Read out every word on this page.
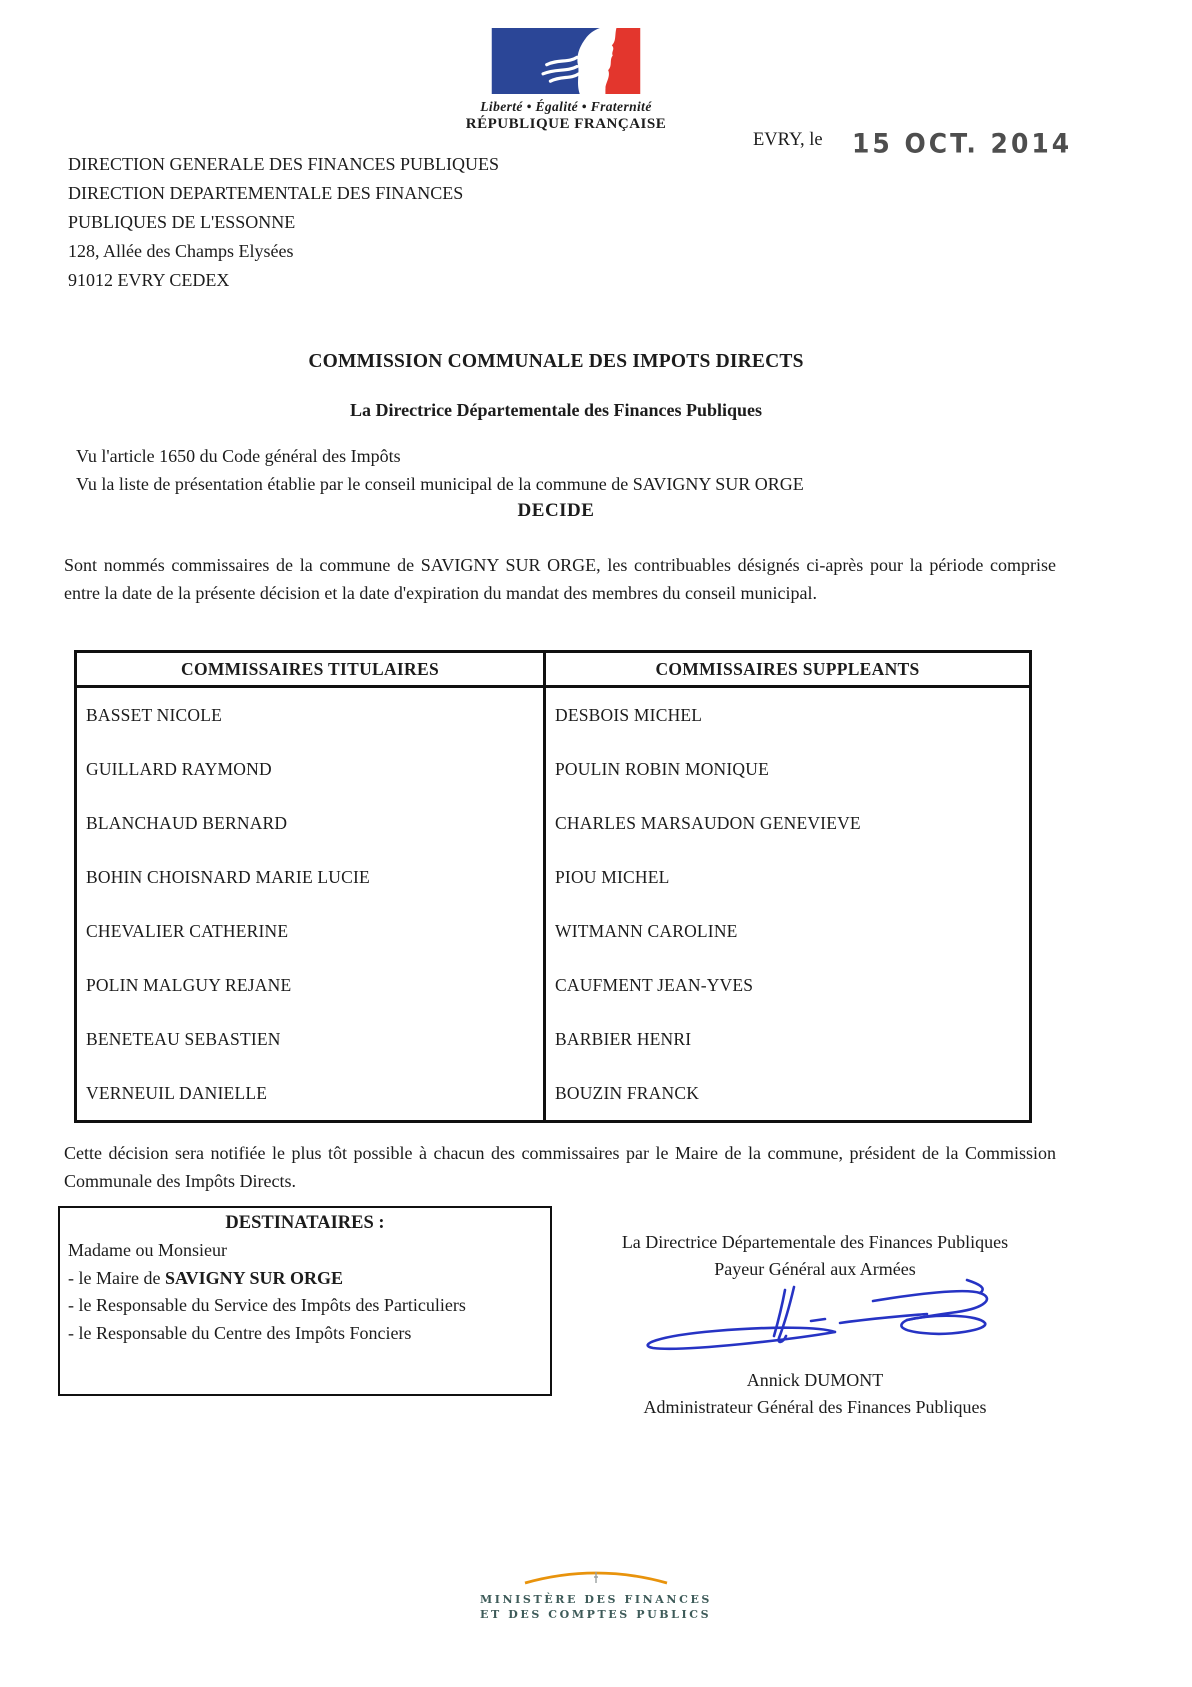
Liberté • Égalité • Fraternité
RÉPUBLIQUE FRANÇAISE
EVRY, le 15 OCT. 2014
DIRECTION GENERALE DES FINANCES PUBLIQUES
DIRECTION DEPARTEMENTALE DES FINANCES
PUBLIQUES DE L'ESSONNE
128, Allée des Champs Elysées
91012 EVRY CEDEX
COMMISSION COMMUNALE DES IMPOTS DIRECTS
La Directrice Départementale des Finances Publiques
Vu l'article 1650 du Code général des Impôts
Vu la liste de présentation établie par le conseil municipal de la commune de SAVIGNY SUR ORGE
DECIDE
Sont nommés commissaires de la commune de SAVIGNY SUR ORGE, les contribuables désignés ci-après pour la période comprise entre la date de la présente décision et la date d'expiration du mandat des membres du conseil municipal.
COMMISSAIRES TITULAIRES	COMMISSAIRES SUPPLEANTS
BASSET NICOLE	DESBOIS MICHEL
GUILLARD RAYMOND	POULIN ROBIN MONIQUE
BLANCHAUD BERNARD	CHARLES MARSAUDON GENEVIEVE
BOHIN CHOISNARD MARIE LUCIE	PIOU MICHEL
CHEVALIER CATHERINE	WITMANN CAROLINE
POLIN MALGUY REJANE	CAUFMENT JEAN-YVES
BENETEAU SEBASTIEN	BARBIER HENRI
VERNEUIL DANIELLE	BOUZIN FRANCK
Cette décision sera notifiée le plus tôt possible à chacun des commissaires par le Maire de la commune, président de la Commission Communale des Impôts Directs.
DESTINATAIRES :
Madame ou Monsieur
- le Maire de SAVIGNY SUR ORGE
- le Responsable du Service des Impôts des Particuliers
- le Responsable du Centre des Impôts Fonciers
La Directrice Départementale des Finances Publiques
Payeur Général aux Armées
Annick DUMONT
Administrateur Général des Finances Publiques
MINISTÈRE DES FINANCES
ET DES COMPTES PUBLICS
